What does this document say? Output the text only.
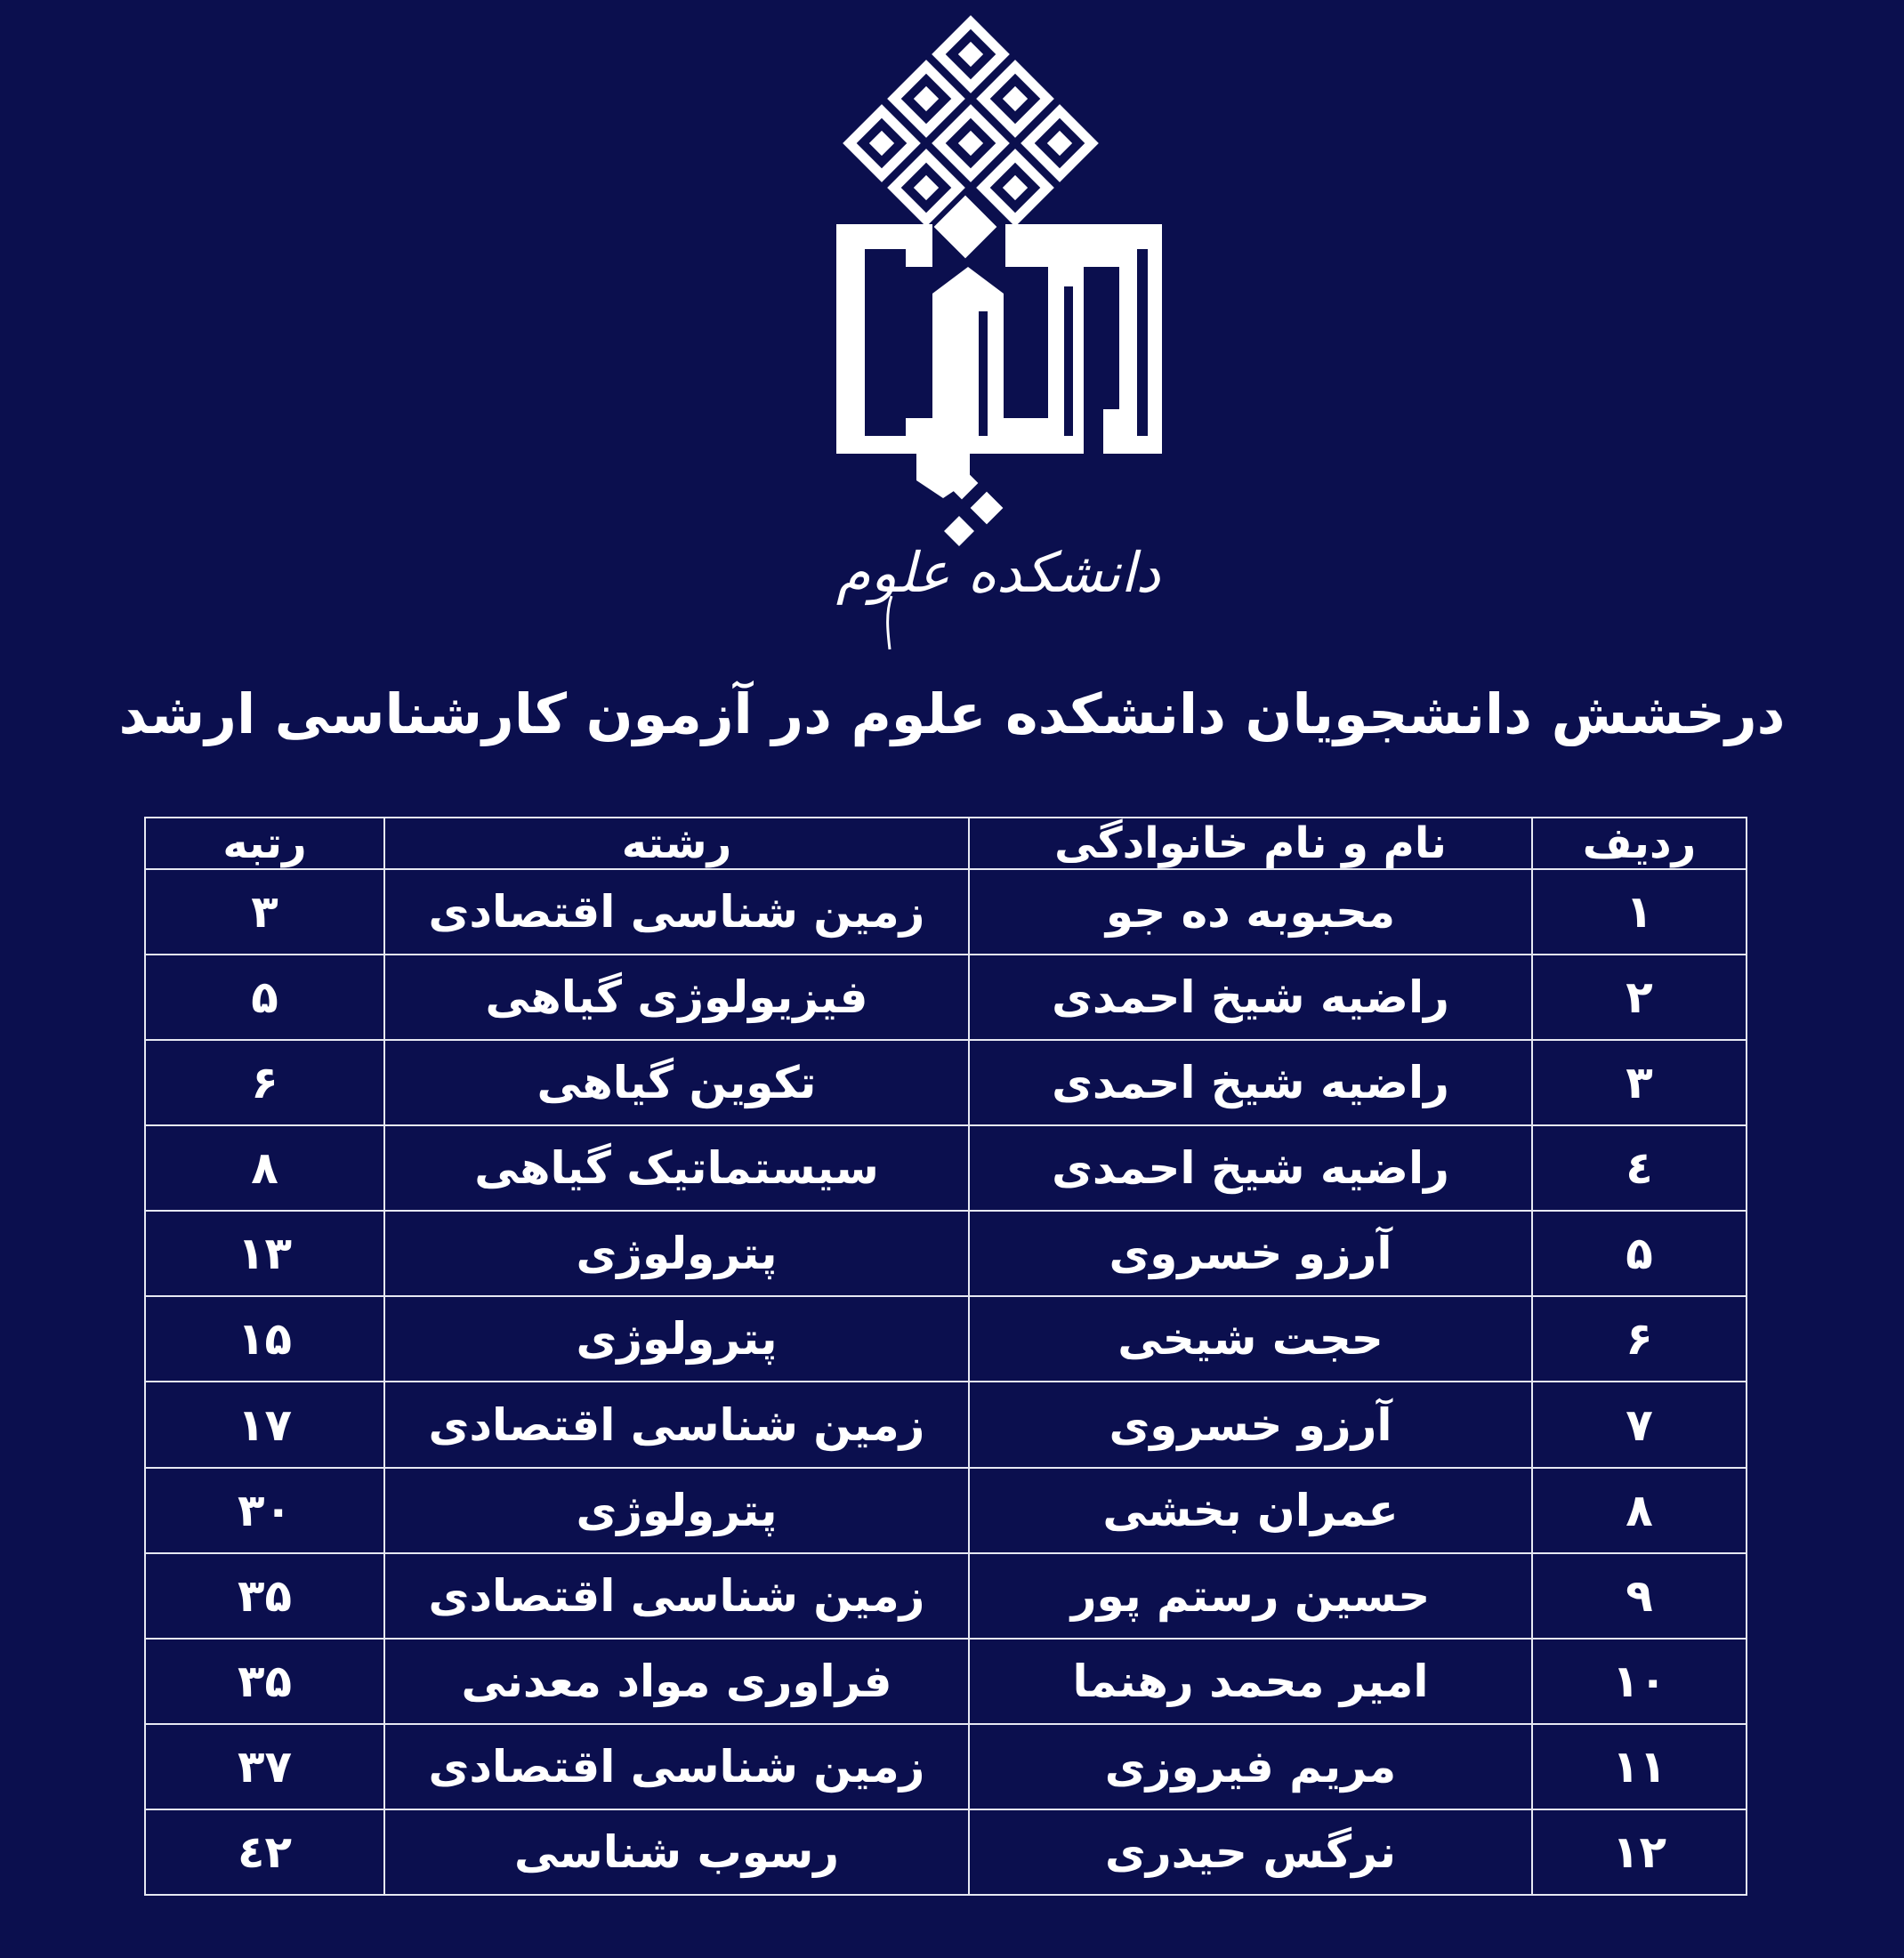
دانشکده علوم
درخشش دانشجویان دانشکده علوم در آزمون کارشناسی ارشد
ردیف	نام و نام خانوادگی	رشته	رتبه
۱	محبوبه ده جو	زمین شناسی اقتصادی	۳
۲	راضیه شیخ احمدی	فیزیولوژی گیاهی	۵
۳	راضیه شیخ احمدی	تکوین گیاهی	۶
٤	راضیه شیخ احمدی	سیستماتیک گیاهی	۸
۵	آرزو خسروی	پترولوژی	۱۳
۶	حجت شیخی	پترولوژی	۱۵
۷	آرزو خسروی	زمین شناسی اقتصادی	۱۷
۸	عمران بخشی	پترولوژی	۳۰
۹	حسین رستم پور	زمین شناسی اقتصادی	۳۵
۱۰	امیر محمد رهنما	فراوری مواد معدنی	۳۵
۱۱	مریم فیروزی	زمین شناسی اقتصادی	۳۷
۱۲	نرگس حیدری	رسوب شناسی	٤۲
